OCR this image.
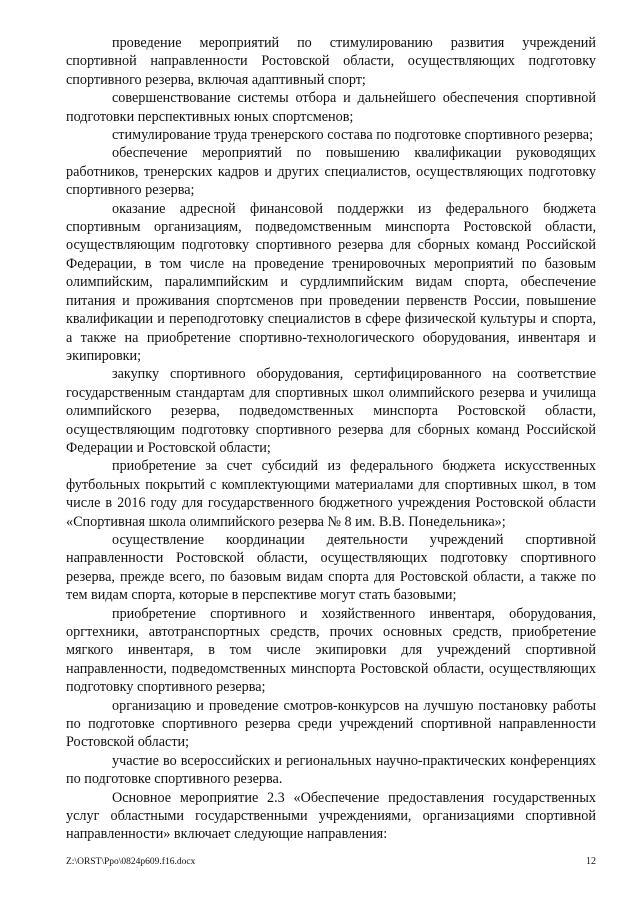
проведение мероприятий по стимулированию развития учреждений спортивной направленности Ростовской области, осуществляющих подготовку спортивного резерва, включая адаптивный спорт;

совершенствование системы отбора и дальнейшего обеспечения спортивной подготовки перспективных юных спортсменов;

стимулирование труда тренерского состава по подготовке спортивного резерва;

обеспечение мероприятий по повышению квалификации руководящих работников, тренерских кадров и других специалистов, осуществляющих подготовку спортивного резерва;

оказание адресной финансовой поддержки из федерального бюджета спортивным организациям, подведомственным минспорта Ростовской области, осуществляющим подготовку спортивного резерва для сборных команд Российской Федерации, в том числе на проведение тренировочных мероприятий по базовым олимпийским, паралимпийским и сурдлимпийским видам спорта, обеспечение питания и проживания спортсменов при проведении первенств России, повышение квалификации и переподготовку специалистов в сфере физической культуры и спорта, а также на приобретение спортивно-технологического оборудования, инвентаря и экипировки;

закупку спортивного оборудования, сертифицированного на соответствие государственным стандартам для спортивных школ олимпийского резерва и училища олимпийского резерва, подведомственных минспорта Ростовской области, осуществляющим подготовку спортивного резерва для сборных команд Российской Федерации и Ростовской области;

приобретение за счет субсидий из федерального бюджета искусственных футбольных покрытий с комплектующими материалами для спортивных школ, в том числе в 2016 году для государственного бюджетного учреждения Ростовской области «Спортивная школа олимпийского резерва № 8 им. В.В. Понедельника»;

осуществление координации деятельности учреждений спортивной направленности Ростовской области, осуществляющих подготовку спортивного резерва, прежде всего, по базовым видам спорта для Ростовской области, а также по тем видам спорта, которые в перспективе могут стать базовыми;

приобретение спортивного и хозяйственного инвентаря, оборудования, оргтехники, автотранспортных средств, прочих основных средств, приобретение мягкого инвентаря, в том числе экипировки для учреждений спортивной направленности, подведомственных минспорта Ростовской области, осуществляющих подготовку спортивного резерва;

организацию и проведение смотров-конкурсов на лучшую постановку работы по подготовке спортивного резерва среди учреждений спортивной направленности Ростовской области;

участие во всероссийских и региональных научно-практических конференциях по подготовке спортивного резерва.

Основное мероприятие 2.3 «Обеспечение предоставления государственных услуг областными государственными учреждениями, организациями спортивной направленности» включает следующие направления:

Z:\ORST\Ppo\0824p609.f16.docx	12
